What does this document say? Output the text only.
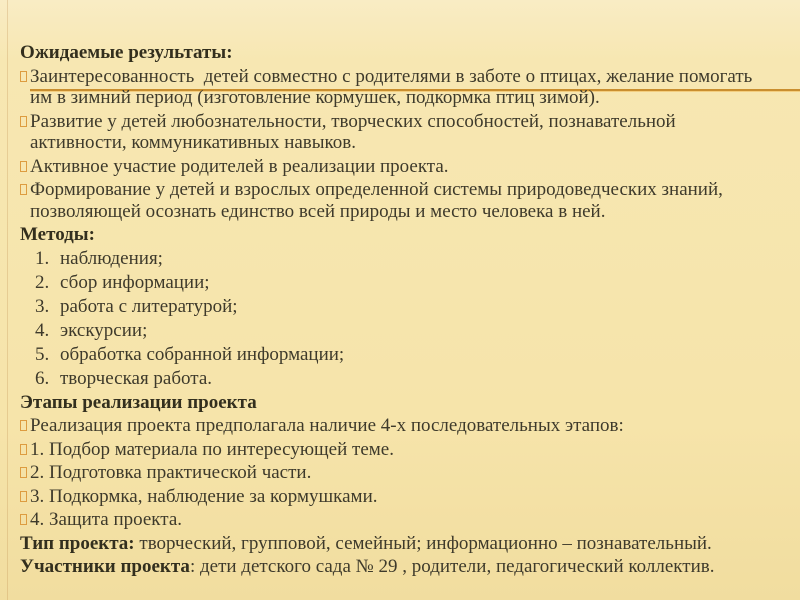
Ожидаемые результаты:

Заинтересованность  детей совместно с родителями в заботе о птицах, желание помогать им в зимний период (изготовление кормушек, подкормка птиц зимой).

Развитие у детей любознательности, творческих способностей, познавательной активности, коммуникативных навыков.

Активное участие родителей в реализации проекта.

Формирование у детей и взрослых определенной системы природоведческих знаний, позволяющей осознать единство всей природы и место человека в ней.

Методы:

1. наблюдения;
2. сбор информации;
3. работа с литературой;
4. экскурсии;
5. обработка собранной информации;
6. творческая работа.

Этапы реализации проекта

Реализация проекта предполагала наличие 4-х последовательных этапов:

1. Подбор материала по интересующей теме.

2. Подготовка практической части.

3. Подкормка, наблюдение за кормушками.

4. Защита проекта.

Тип проекта: творческий, групповой, семейный; информационно – познавательный.

Участники проекта: дети детского сада № 29 , родители, педагогический коллектив.
